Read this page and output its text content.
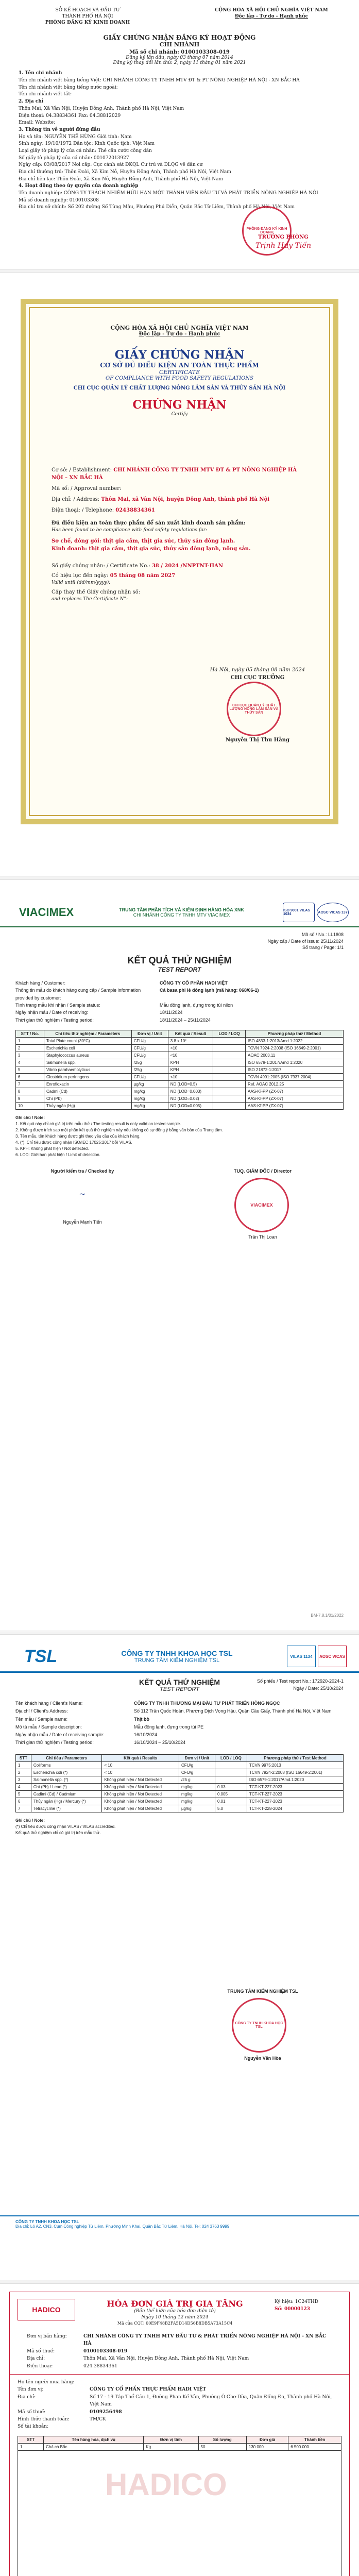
SỞ KẾ HOẠCH VÀ ĐẦU TƯ
THÀNH PHỐ HÀ NỘI
PHÒNG ĐĂNG KÝ KINH DOANH
CỘNG HÒA XÃ HỘI CHỦ NGHĨA VIỆT NAM
Độc lập - Tự do - Hạnh phúc
GIẤY CHỨNG NHẬN ĐĂNG KÝ HOẠT ĐỘNG
CHI NHÁNH
Mã số chi nhánh: 0100103308-019
Đăng ký lần đầu, ngày 03 tháng 07 năm 2014
Đăng ký thay đổi lần thứ: 2, ngày 11 tháng 01 năm 2021

1. Tên chi nhánh

Tên chi nhánh viết bằng tiếng Việt: CHI NHÁNH CÔNG TY TNHH MTV ĐT & PT NÔNG NGHIỆP HÀ NỘI - XN BẮC HÀ

Tên chi nhánh viết bằng tiếng nước ngoài:

Tên chi nhánh viết tắt:

2. Địa chỉ

Thôn Mai, Xã Vân Nội, Huyện Đông Anh, Thành phố Hà Nội, Việt Nam

Điện thoại: 04.38834361 Fax: 04.38812029

Email: Website:

3. Thông tin về người đứng đầu

Họ và tên: NGUYỄN THẾ HÙNG Giới tính: Nam

Sinh ngày: 19/10/1972 Dân tộc: Kinh Quốc tịch: Việt Nam

Loại giấy tờ pháp lý của cá nhân: Thẻ căn cước công dân

Số giấy tờ pháp lý của cá nhân: 001072013927

Ngày cấp: 03/08/2017 Nơi cấp: Cục cảnh sát ĐKQL Cư trú và DLQG về dân cư

Địa chỉ thường trú: Thôn Đoài, Xã Kim Nỗ, Huyện Đông Anh, Thành phố Hà Nội, Việt Nam

Địa chỉ liên lạc: Thôn Đoài, Xã Kim Nỗ, Huyện Đông Anh, Thành phố Hà Nội, Việt Nam

4. Hoạt động theo ủy quyền của doanh nghiệp

Tên doanh nghiệp: CÔNG TY TRÁCH NHIỆM HỮU HẠN MỘT THÀNH VIÊN ĐẦU TƯ VÀ PHÁT TRIỂN NÔNG NGHIỆP HÀ NỘI

Mã số doanh nghiệp: 0100103308

Địa chỉ trụ sở chính: Số 202 đường Số Tùng Mậu, Phường Phú Diễn, Quận Bắc Từ Liêm, Thành phố Hà Nội, Việt Nam

PHÒNG ĐĂNG KÝ KINH DOANH
TRƯỞNG PHÒNG
Trịnh Huy Tiến
CỘNG HÒA XÃ HỘI CHỦ NGHĨA VIỆT NAM
Độc lập - Tự do - Hạnh phúc
GIẤY CHỨNG NHẬN
CƠ SỞ ĐỦ ĐIỀU KIỆN AN TOÀN THỰC PHẨM
CERTIFICATE
OF COMPLIANCE WITH FOOD SAFETY REGULATIONS
CHI CỤC QUẢN LÝ CHẤT LƯỢNG NÔNG LÂM SẢN VÀ THỦY SẢN HÀ NỘI
CHỨNG NHẬN
Certify
Cơ sở: / Establishment: CHI NHÁNH CÔNG TY TNHH MTV ĐT & PT NÔNG NGHIỆP HÀ NỘI – XN BẮC HÀ
Mã số: / Approval number:
Địa chỉ: / Address: Thôn Mai, xã Vân Nội, huyện Đông Anh, thành phố Hà Nội
Điện thoại: / Telephone: 02438834361
Đủ điều kiện an toàn thực phẩm để sản xuất kinh doanh sản phẩm:
Has been found to be compliance with food safety regulations for:
Sơ chế, đóng gói: thịt gia cầm, thịt gia súc, thủy sản đông lạnh.
Kinh doanh: thịt gia cầm, thịt gia súc, thủy sản đông lạnh, nông sản.
Số giấy chứng nhận: / Certificate No.: 38 / 2024 /NNPTNT-HAN
Có hiệu lực đến ngày: 05 tháng 08 năm 2027
Valid until (dd/mm/yyyy):
Cấp thay thế Giấy chứng nhận số:
and replaces The Certificate N°:
Hà Nội, ngày 05 tháng 08 năm 2024
CHI CỤC TRƯỞNG
CHI CỤC QUẢN LÝ CHẤT LƯỢNG NÔNG LÂM SẢN VÀ THỦY SẢN
Nguyễn Thị Thu Hằng
VIACIMEX	TRUNG TÂM PHÂN TÍCH VÀ KIỂM ĐỊNH HÀNG HÓA XNK
CHI NHÁNH CÔNG TY TNHH MTV VIACIMEX
ISO 9001 VILAS 1034	AOSC VICAS 137
Mã số / No.: LL1808
Ngày cấp / Date of issue: 25/11/2024
Số trang / Page: 1/1
KẾT QUẢ THỬ NGHIỆM
TEST REPORT
Khách hàng / Customer:	CÔNG TY CỔ PHẦN HADI VIỆT
Thông tin mẫu do khách hàng cung cấp / Sample information provided by customer:
Cá basa phi lê đông lạnh (mã hàng: 068/06-1)
Tình trạng mẫu khi nhận / Sample status:	Mẫu đông lạnh, đựng trong túi nilon
Ngày nhận mẫu / Date of receiving:	18/11/2024
Thời gian thử nghiệm / Testing period:	18/11/2024 – 25/11/2024
STT / No.	Chỉ tiêu thử nghiệm / Parameters	Đơn vị / Unit	Kết quả / Result	LOD / LOQ	Phương pháp thử / Method
1	Total Plate count (30°C)	CFU/g	3.8 x 10²		ISO 4833-1:2013/Amd 1:2022
2	Escherichia coli	CFU/g	<10		TCVN 7924-2:2008 (ISO 16649-2:2001)
3	Staphylococcus aureus	CFU/g	<10		AOAC 2003.11
4	Salmonella spp.	/25g	KPH		ISO 6579-1:2017/Amd 1:2020
5	Vibrio parahaemolyticus	/25g	KPH		ISO 21872-1:2017
6	Clostridium perfringens	CFU/g	<10		TCVN 4991:2005 (ISO 7937:2004)
7	Enrofloxacin	µg/kg	ND (LOD=0.5)		Ref. AOAC 2012.25
8	Cadmi (Cd)	mg/kg	ND (LOD=0.003)		AAS-Kĩ-PP (ZX-07)
9	Chì (Pb)	mg/kg	ND (LOD=0.02)		AAS-Kĩ-PP (ZX-07)
10	Thủy ngân (Hg)	mg/kg	ND (LOD=0.005)		AAS-Kĩ-PP (ZX-07)
Ghi chú / Note:
1. Kết quả này chỉ có giá trị trên mẫu thử / The testing result is only valid on tested sample.
2. Không được trích sao một phần kết quả thử nghiệm này nếu không có sự đồng ý bằng văn bản của Trung tâm.
3. Tên mẫu, tên khách hàng được ghi theo yêu cầu của khách hàng.
4. (*): Chỉ tiêu được công nhận ISO/IEC 17025:2017 bởi VILAS.
5. KPH: Không phát hiện / Not detected.
6. LOD: Giới hạn phát hiện / Limit of detection.
Người kiểm tra / Checked by
~
Nguyễn Mạnh Tiến
TUQ. GIÁM ĐỐC / Director
VIACIMEX
Trần Thị Loan
BM-7.8.1/01/2022
TSL	CÔNG TY TNHH KHOA HỌC TSL
TRUNG TÂM KIỂM NGHIỆM TSL
VILAS 1134	AOSC VICAS
KẾT QUẢ THỬ NGHIỆM
TEST REPORT
Số phiếu / Test report No.: 172920-2024-1
Ngày / Date: 25/10/2024
Tên khách hàng / Client's Name:	CÔNG TY TNHH THƯƠNG MẠI ĐẦU TƯ PHÁT TRIỂN HỒNG NGỌC
Địa chỉ / Client's Address:	Số 112 Trần Quốc Hoàn, Phường Dịch Vọng Hậu, Quận Cầu Giấy, Thành phố Hà Nội, Việt Nam
Tên mẫu / Sample name:	Thịt bò
Mô tả mẫu / Sample description:	Mẫu đông lạnh, đựng trong túi PE
Ngày nhận mẫu / Date of receiving sample:	16/10/2024
Thời gian thử nghiệm / Testing period:	16/10/2024 – 25/10/2024
STT	Chỉ tiêu / Parameters	Kết quả / Results	Đơn vị / Unit	LOD / LOQ	Phương pháp thử / Test Method
1	Coliforms	< 10	CFU/g		TCVN 9975:2013
2	Escherichia coli (*)	< 10	CFU/g		TCVN 7924-2:2008 (ISO 16649-2:2001)
3	Salmonella spp. (*)	Không phát hiện / Not Detected	/25 g		ISO 6579-1:2017/Amd.1:2020
4	Chì (Pb) / Lead (*)	Không phát hiện / Not Detected	mg/kg	0.03	TCT-KT-227-2023
5	Cadimi (Cd) / Cadmium	Không phát hiện / Not Detected	mg/kg	0.005	TCT-KT-227-2023
6	Thủy ngân (Hg) / Mercury (*)	Không phát hiện / Not Detected	mg/kg	0.01	TCT-KT-227-2023
7	Tetracycline (*)	Không phát hiện / Not Detected	µg/kg	5.0	TCT-KT-228-2024
Ghi chú / Note:
(*) Chỉ tiêu được công nhận VILAS / VILAS accredited.
Kết quả thử nghiệm chỉ có giá trị trên mẫu thử.
TRUNG TÂM KIỂM NGHIỆM TSL
CÔNG TY TNHH KHOA HỌC TSL
Nguyễn Văn Hòa
CÔNG TY TNHH KHOA HỌC TSL
Địa chỉ: Lô A2, CN3, Cụm Công nghiệp Từ Liêm, Phường Minh Khai, Quận Bắc Từ Liêm, Hà Nội. Tel: 024 3763 9999
HADICO
HÓA ĐƠN GIÁ TRỊ GIA TĂNG
(Bản thể hiện của hóa đơn điện tử)
Ngày 10 tháng 12 năm 2024
Mã của CQT: 00E9F48B2FA5D14D56B8DB5A73A15C4
Ký hiệu: 1C24THD
Số: 00000123
Đơn vị bán hàng:	CHI NHÁNH CÔNG TY TNHH MTV ĐẦU TƯ & PHÁT TRIỂN NÔNG NGHIỆP HÀ NỘI - XN BẮC HÀ
Mã số thuế:	0100103308-019
Địa chỉ:	Thôn Mai, Xã Vân Nội, Huyện Đông Anh, Thành phố Hà Nội, Việt Nam
Điện thoại:	024.38834361
Họ tên người mua hàng:
Tên đơn vị:	CÔNG TY CỔ PHẦN THỰC PHẨM HADI VIỆT
Địa chỉ:	Số 17 - 19 Tập Thể Cầu 1, Đường Phan Kế Vân, Phường Ô Chợ Dừa, Quận Đống Đa, Thành phố Hà Nội, Việt Nam
Mã số thuế:	0109256498
Hình thức thanh toán:	TM/CK
Số tài khoản:
HADICO
STT	Tên hàng hóa, dịch vụ	Đơn vị tính	Số lượng	Đơn giá	Thành tiền
1	Chả cá Bắc	Kg	50	130.000	6.500.000
